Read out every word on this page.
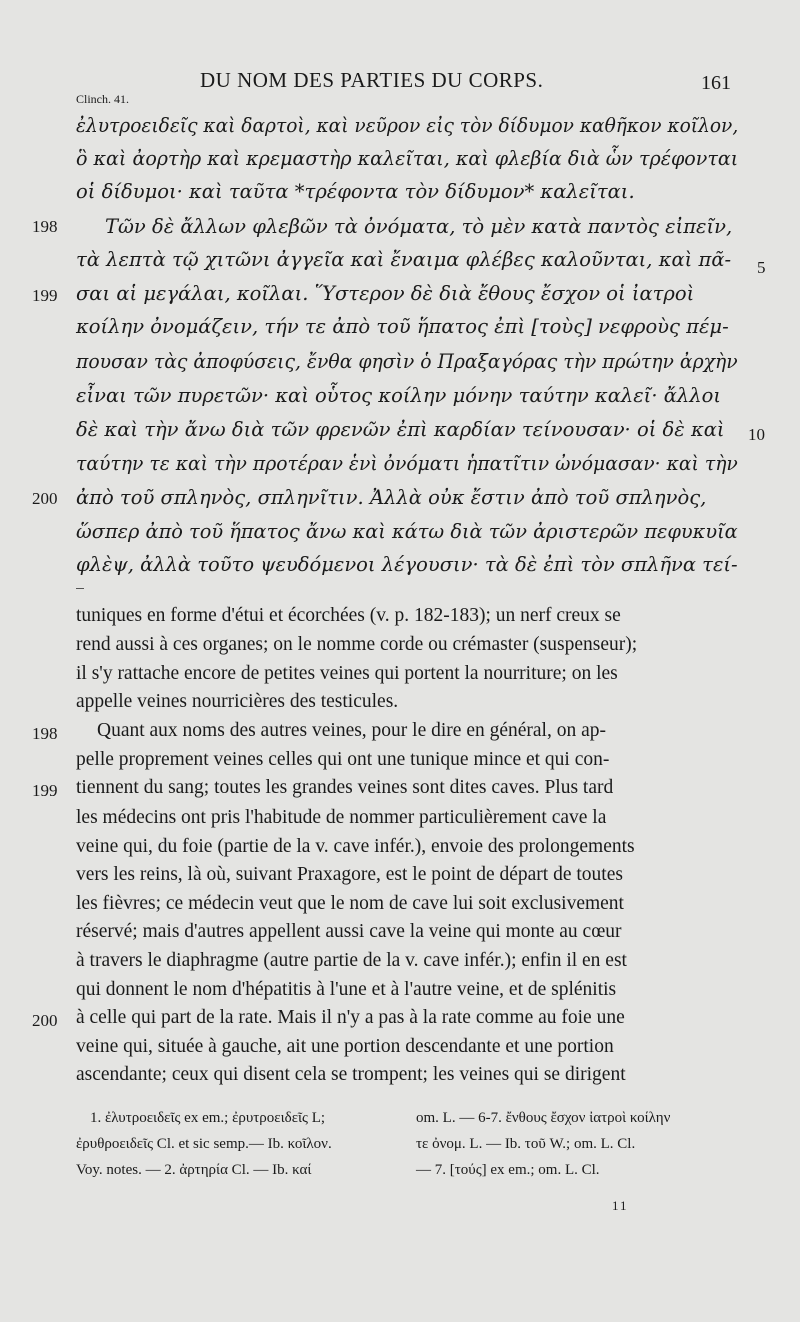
DU NOM DES PARTIES DU CORPS.	161
Clinch. 41.
ἐλυτροειδεῖς καὶ δαρτοὶ, καὶ νεῦρον εἰς τὸν δίδυμον καθῆκον κοῖλον,
ὃ καὶ ἀορτὴρ καὶ κρεμαστὴρ καλεῖται, καὶ φλεβία διὰ ὧν τρέφονται
οἱ δίδυμοι· καὶ ταῦτα *τρέφοντα τὸν δίδυμον* καλεῖται.
Τῶν δὲ ἄλλων φλεβῶν τὰ ὀνόματα, τὸ μὲν κατὰ παντὸς εἰπεῖν,
τὰ λεπτὰ τῷ χιτῶνι ἀγγεῖα καὶ ἔναιμα φλέβες καλοῦνται, καὶ πᾶ-
σαι αἱ μεγάλαι, κοῖλαι. Ὕστερον δὲ διὰ ἔθους ἔσχον οἱ ἰατροὶ
κοίλην ὀνομάζειν, τήν τε ἀπὸ τοῦ ἥπατος ἐπὶ [τοὺς] νεφροὺς πέμ-
πουσαν τὰς ἀποφύσεις, ἔνθα φησὶν ὁ Πραξαγόρας τὴν πρώτην ἀρχὴν
εἶναι τῶν πυρετῶν· καὶ οὗτος κοίλην μόνην ταύτην καλεῖ· ἄλλοι
δὲ καὶ τὴν ἄνω διὰ τῶν φρενῶν ἐπὶ καρδίαν τείνουσαν· οἱ δὲ καὶ
ταύτην τε καὶ τὴν προτέραν ἑνὶ ὀνόματι ἡπατῖτιν ὠνόμασαν· καὶ τὴν
ἀπὸ τοῦ σπληνὸς, σπληνῖτιν. Ἀλλὰ οὐκ ἔστιν ἀπὸ τοῦ σπληνὸς,
ὥσπερ ἀπὸ τοῦ ἥπατος ἄνω καὶ κάτω διὰ τῶν ἀριστερῶν πεφυκυῖα
φλὲψ, ἀλλὰ τοῦτο ψευδόμενοι λέγουσιν· τὰ δὲ ἐπὶ τὸν σπλῆνα τεί-
198
199
200
5
10
tuniques en forme d'étui et écorchées (v. p. 182-183); un nerf creux se
rend aussi à ces organes; on le nomme corde ou crémaster (suspenseur);
il s'y rattache encore de petites veines qui portent la nourriture; on les
appelle veines nourricières des testicules.
Quant aux noms des autres veines, pour le dire en général, on ap-
pelle proprement veines celles qui ont une tunique mince et qui con-
tiennent du sang; toutes les grandes veines sont dites caves. Plus tard
les médecins ont pris l'habitude de nommer particulièrement cave la
veine qui, du foie (partie de la v. cave infér.), envoie des prolongements
vers les reins, là où, suivant Praxagore, est le point de départ de toutes
les fièvres; ce médecin veut que le nom de cave lui soit exclusivement
réservé; mais d'autres appellent aussi cave la veine qui monte au cœur
à travers le diaphragme (autre partie de la v. cave infér.); enfin il en est
qui donnent le nom d'hépatitis à l'une et à l'autre veine, et de splénitis
à celle qui part de la rate. Mais il n'y a pas à la rate comme au foie une
veine qui, située à gauche, ait une portion descendante et une portion
ascendante; ceux qui disent cela se trompent; les veines qui se dirigent
198
199
200
1. ἐλυτροειδεῖς ex em.; ἐρυτροειδεῖς L;
ἐρυθροειδεῖς Cl. et sic semp.— Ib. κοῖλον.
Voy. notes. — 2. ἀρτηρία Cl. — Ib. καί
om. L. — 6-7. ἔνθους ἔσχον ἰατροὶ κοίλην
τε ὀνομ. L. — Ib. τοῦ W.; om. L. Cl.
— 7. [τούς] ex em.; om. L. Cl.
11
